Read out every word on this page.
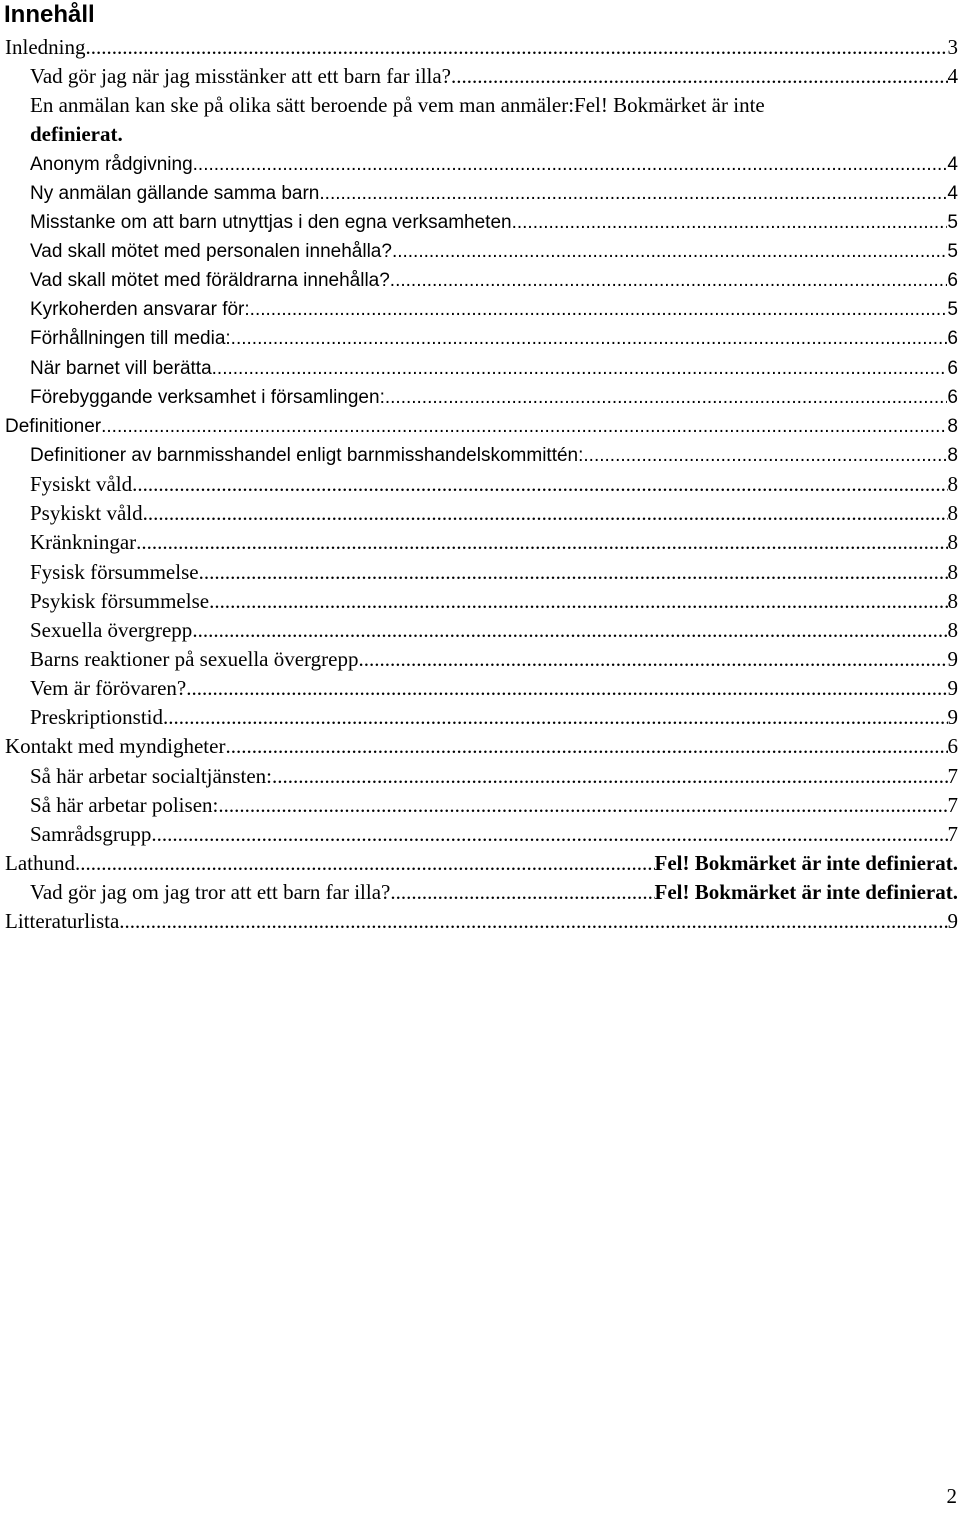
Innehåll
Inledning .....	3
Vad gör jag när jag misstänker att ett barn far illa? .....	4
En anmälan kan ske på olika sätt beroende på vem man anmäler: Fel! Bokmärket är inte
definierat.
Anonym rådgivning .....	4
Ny anmälan gällande samma barn. .....	4
Misstanke om att barn utnyttjas i den egna verksamheten. .....	5
Vad skall mötet med personalen innehålla? .....	5
Vad skall mötet med föräldrarna innehålla? .....	6
Kyrkoherden ansvarar för: .....	5
Förhållningen till media: .....	6
När barnet vill berätta .....	6
Förebyggande verksamhet i församlingen: .....	6
Definitioner .....	8
Definitioner av barnmisshandel enligt barnmisshandelskommittén: .....	8
Fysiskt våld .....	8
Psykiskt våld .....	8
Kränkningar .....	8
Fysisk försummelse .....	8
Psykisk försummelse .....	8
Sexuella övergrepp .....	8
Barns reaktioner på sexuella övergrepp .....	9
Vem är förövaren? .....	9
Preskriptionstid .....	9
Kontakt med myndigheter .....	6
Så här arbetar socialtjänsten: .....	7
Så här arbetar polisen: .....	7
Samrådsgrupp .....	7
Lathund .....	Fel! Bokmärket är inte definierat.
Vad gör jag om jag tror att ett barn far illa? .....	Fel! Bokmärket är inte definierat.
Litteraturlista .....	9
2
